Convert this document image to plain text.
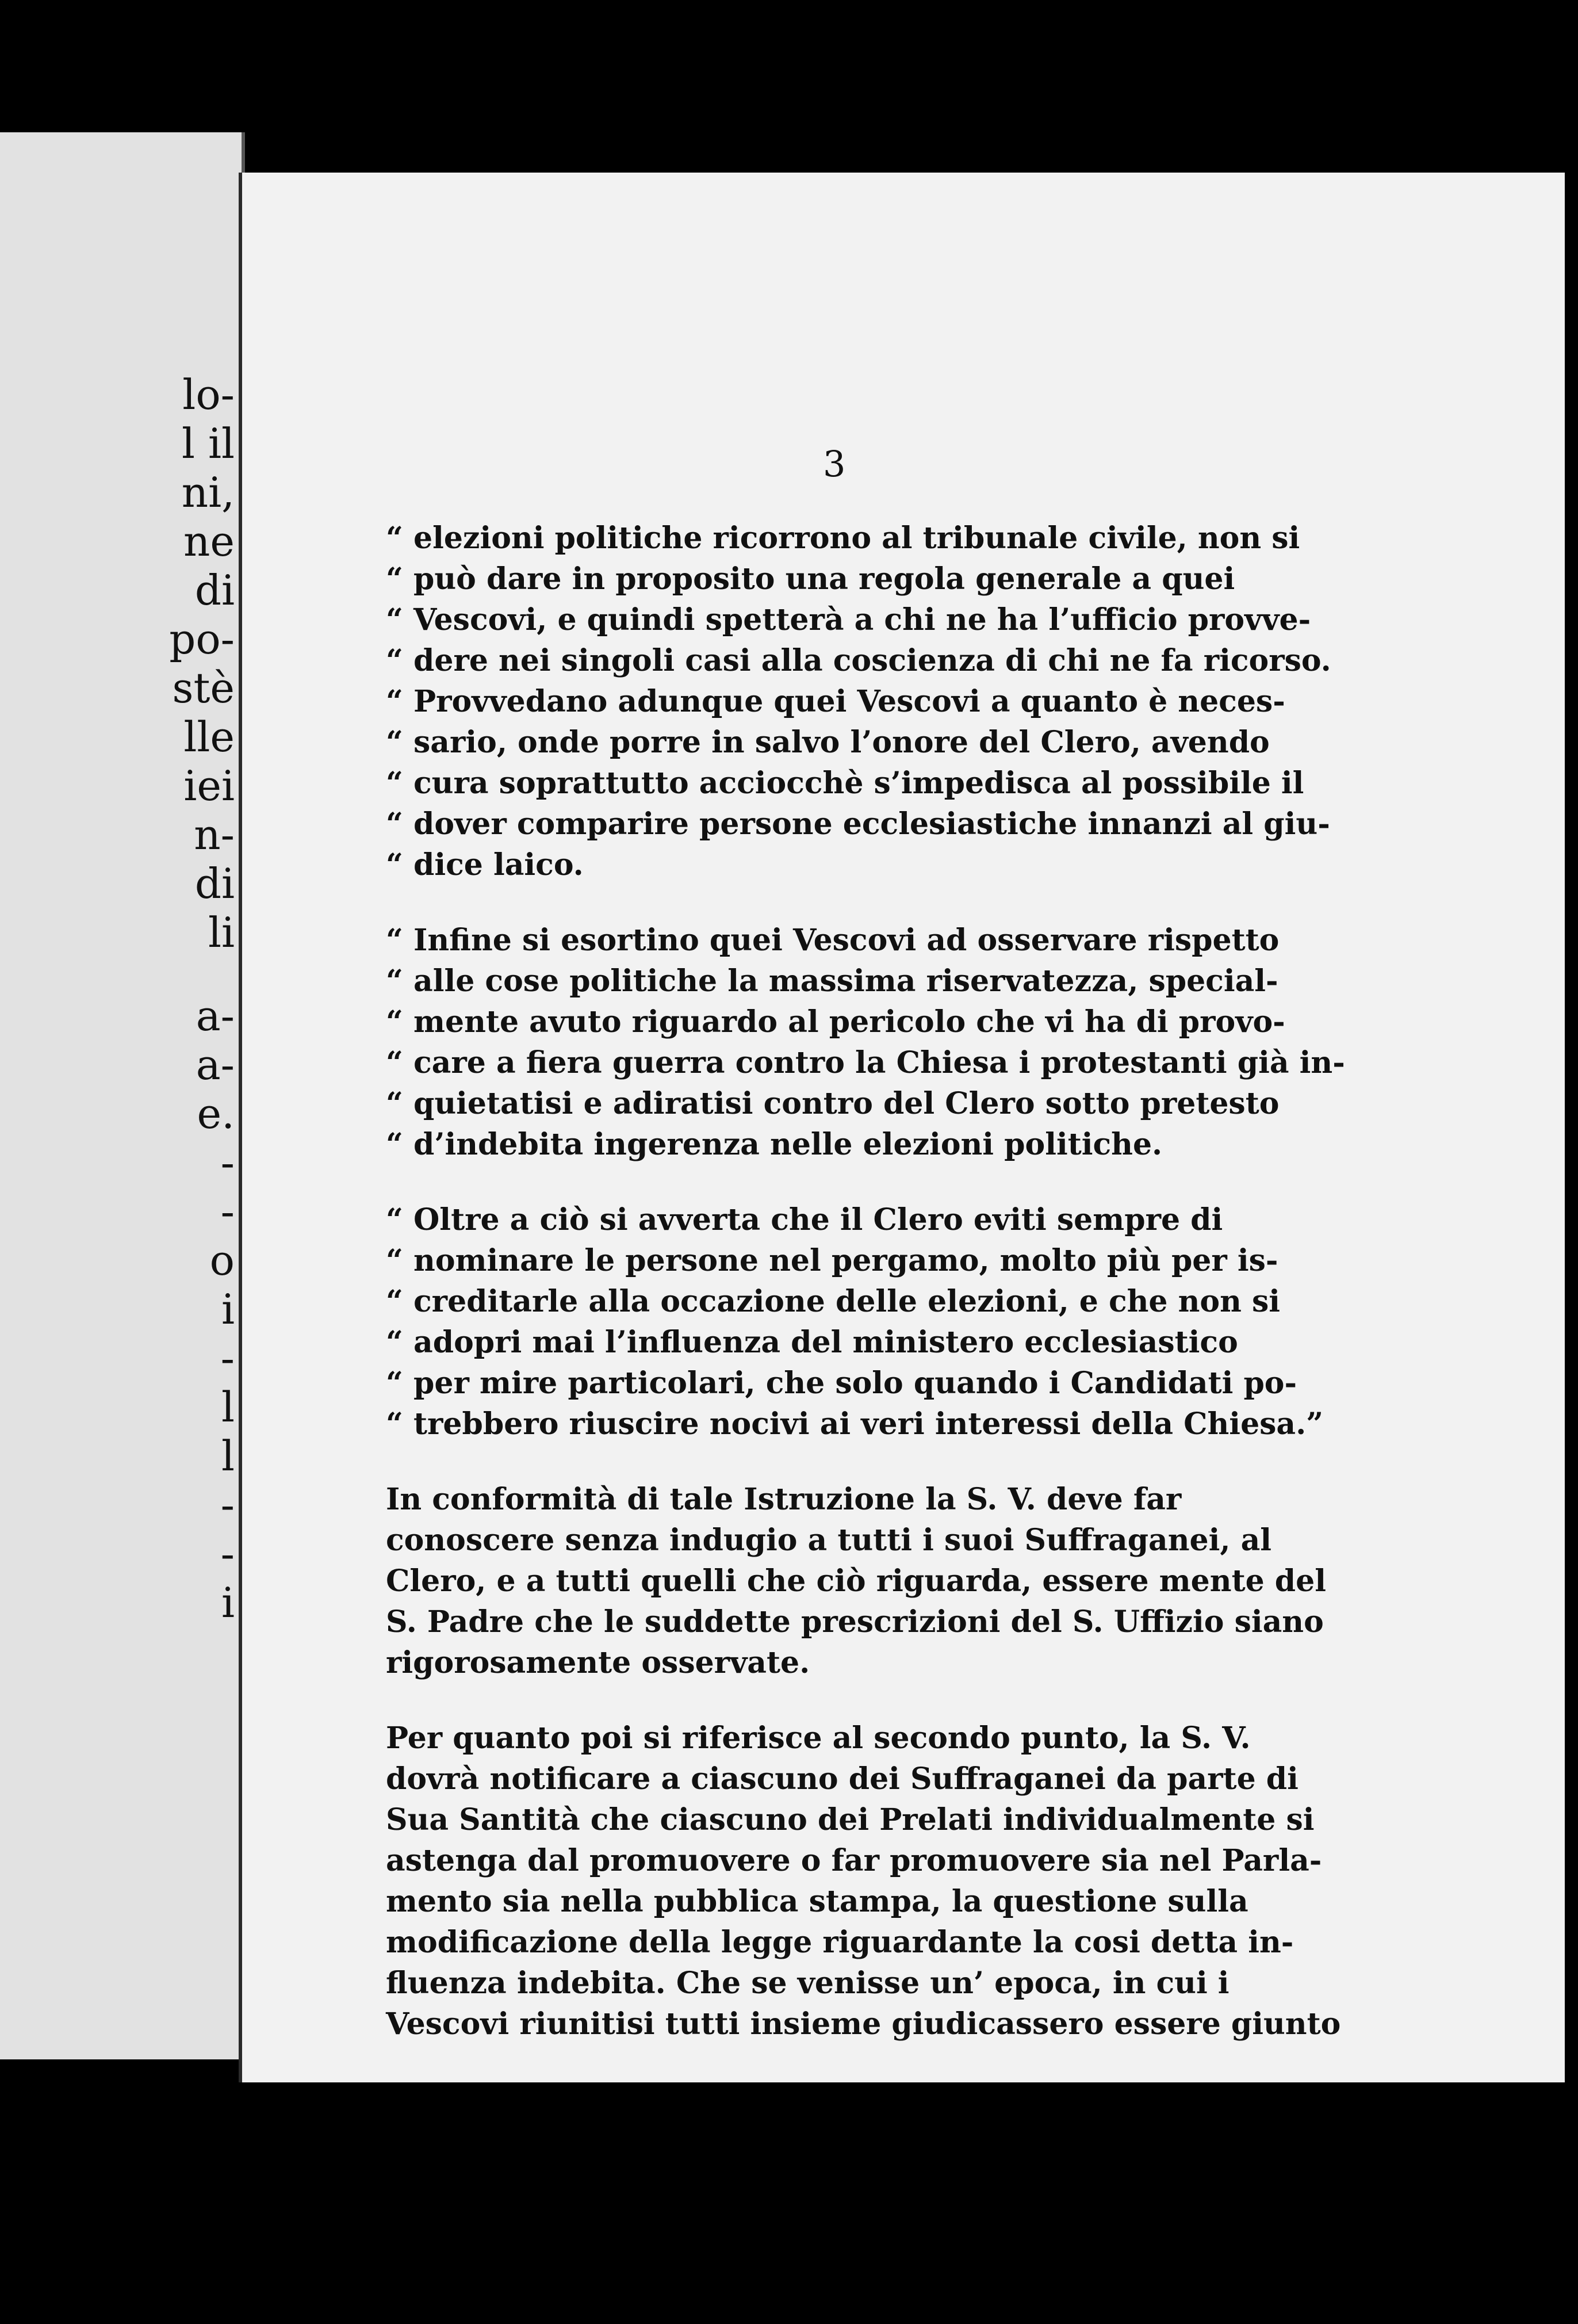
lo-
l il
ni,
ne
di
po-
stè
lle
iei
n-
di
li
a-
a-
e.
-
-
o
i
-
l
l
-
-
i
3
“ elezioni politiche ricorrono al tribunale civile, non si
“ può dare in proposito una regola generale a quei
“ Vescovi, e quindi spetterà a chi ne ha l’ufficio provve-
“ dere nei singoli casi alla coscienza di chi ne fa ricorso.
“ Provvedano adunque quei Vescovi a quanto è neces-
“ sario, onde porre in salvo l’onore del Clero, avendo
“ cura soprattutto acciocchè s’impedisca al possibile il
“ dover comparire persone ecclesiastiche innanzi al giu-
“ dice laico.
“ Infine si esortino quei Vescovi ad osservare rispetto
“ alle cose politiche la massima riservatezza, special-
“ mente avuto riguardo al pericolo che vi ha di provo-
“ care a fiera guerra contro la Chiesa i protestanti già in-
“ quietatisi e adiratisi contro del Clero sotto pretesto
“ d’indebita ingerenza nelle elezioni politiche.
“ Oltre a ciò si avverta che il Clero eviti sempre di
“ nominare le persone nel pergamo, molto più per is-
“ creditarle alla occazione delle elezioni, e che non si
“ adopri mai l’influenza del ministero ecclesiastico
“ per mire particolari, che solo quando i Candidati po-
“ trebbero riuscire nocivi ai veri interessi della Chiesa.”
In conformità di tale Istruzione la S. V. deve far
conoscere senza indugio a tutti i suoi Suffraganei, al
Clero, e a tutti quelli che ciò riguarda, essere mente del
S. Padre che le suddette prescrizioni del S. Uffizio siano
rigorosamente osservate.
Per quanto poi si riferisce al secondo punto, la S. V.
dovrà notificare a ciascuno dei Suffraganei da parte di
Sua Santità che ciascuno dei Prelati individualmente si
astenga dal promuovere o far promuovere sia nel Parla-
mento sia nella pubblica stampa, la questione sulla
modificazione della legge riguardante la cosi detta in-
fluenza indebita. Che se venisse un’ epoca, in cui i
Vescovi riunitisi tutti insieme giudicassero essere giunto
